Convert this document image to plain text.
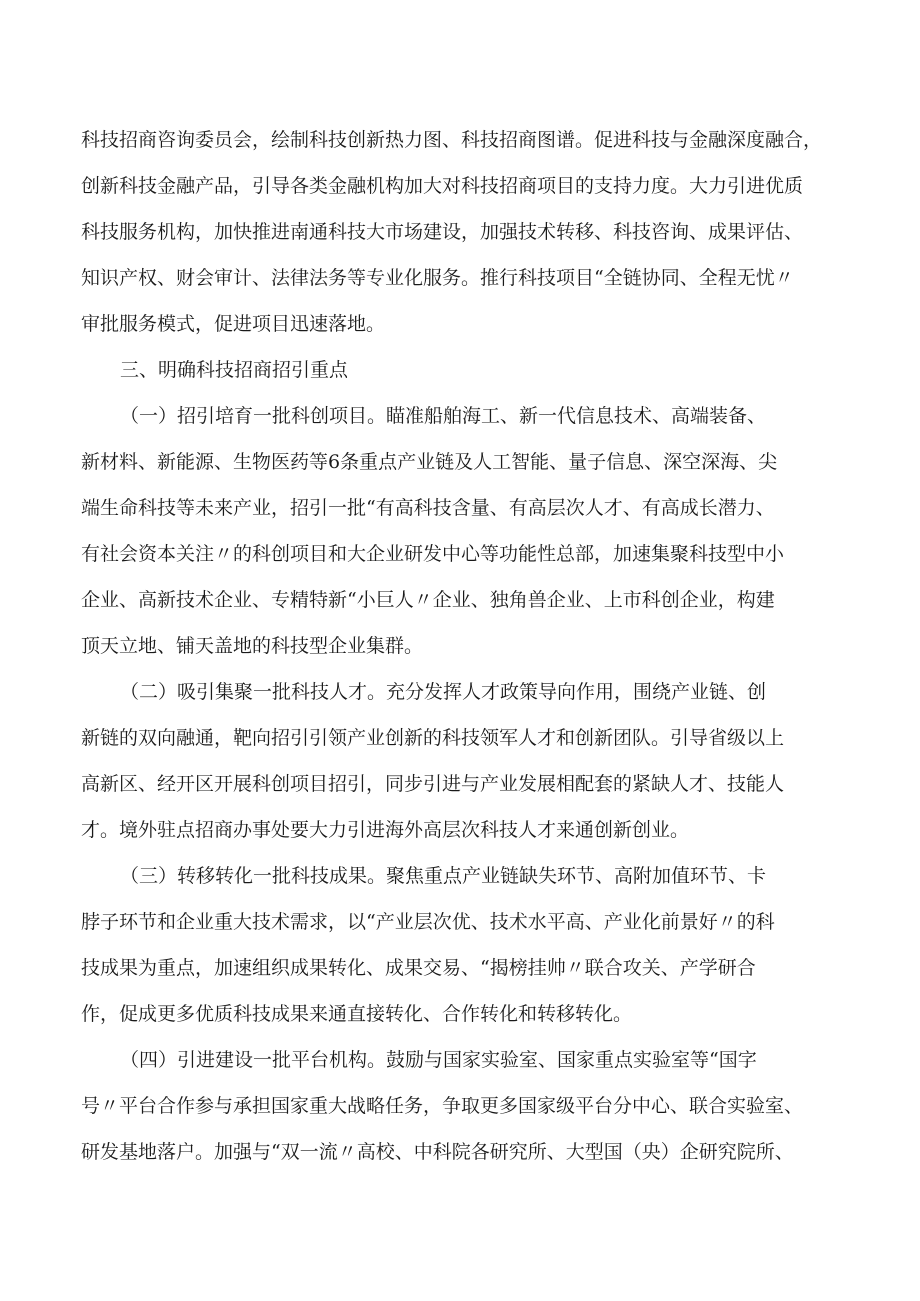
科技招商咨询委员会，绘制科技创新热力图、科技招商图谱。促进科技与金融深度融合，
创新科技金融产品，引导各类金融机构加大对科技招商项目的支持力度。大力引进优质
科技服务机构，加快推进南通科技大市场建设，加强技术转移、科技咨询、成果评估、
知识产权、财会审计、法律法务等专业化服务。推行科技项目“全链协同、全程无忧〃
审批服务模式，促进项目迅速落地。
三、明确科技招商招引重点
（一）招引培育一批科创项目。瞄准船舶海工、新一代信息技术、高端装备、
新材料、新能源、生物医药等6条重点产业链及人工智能、量子信息、深空深海、尖
端生命科技等未来产业，招引一批“有高科技含量、有高层次人才、有高成长潜力、
有社会资本关注〃的科创项目和大企业研发中心等功能性总部，加速集聚科技型中小
企业、高新技术企业、专精特新“小巨人〃企业、独角兽企业、上市科创企业，构建
顶天立地、铺天盖地的科技型企业集群。
（二）吸引集聚一批科技人才。充分发挥人才政策导向作用，围绕产业链、创
新链的双向融通，靶向招引引领产业创新的科技领军人才和创新团队。引导省级以上
高新区、经开区开展科创项目招引，同步引进与产业发展相配套的紧缺人才、技能人
才。境外驻点招商办事处要大力引进海外高层次科技人才来通创新创业。
（三）转移转化一批科技成果。聚焦重点产业链缺失环节、高附加值环节、卡
脖子环节和企业重大技术需求，以“产业层次优、技术水平高、产业化前景好〃的科
技成果为重点，加速组织成果转化、成果交易、“揭榜挂帅〃联合攻关、产学研合
作，促成更多优质科技成果来通直接转化、合作转化和转移转化。
（四）引进建设一批平台机构。鼓励与国家实验室、国家重点实验室等“国字
号〃平台合作参与承担国家重大战略任务，争取更多国家级平台分中心、联合实验室、
研发基地落户。加强与“双一流〃高校、中科院各研究所、大型国（央）企研究院所、
